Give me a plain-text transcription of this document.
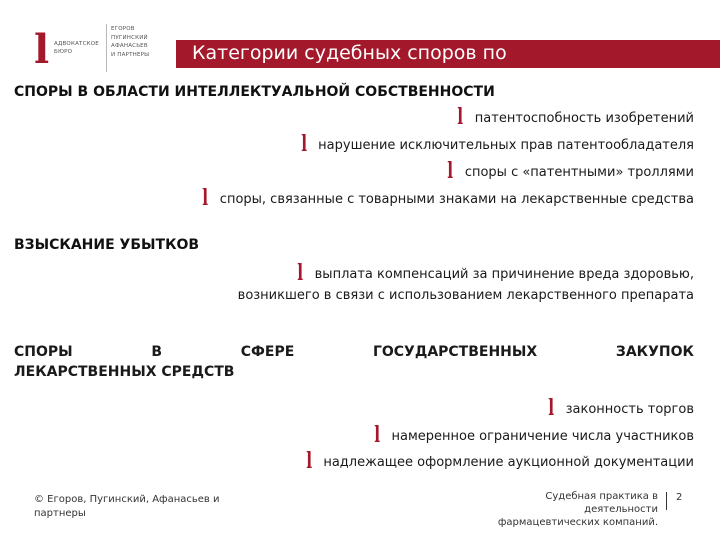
l АДВОКАТСКОЕ
БЮРО
ЕГОРОВ
ПУГИНСКИЙ
АФАНАСЬЕВ
И ПАРТНЕРЫ Категории судебных споров по
СПОРЫ В ОБЛАСТИ ИНТЕЛЛЕКТУАЛЬНОЙ СОБСТВЕННОСТИ
lпатентоспобность изобретений
lнарушение исключительных прав патентообладателя
lспоры с «патентными» троллями
lспоры, связанные с товарными знаками на лекарственные средства
ВЗЫСКАНИЕ УБЫТКОВ
lвыплата компенсаций за причинение вреда здоровью,
возникшего в связи с использованием лекарственного препарата
СПОРЫ	В	СФЕРЕ	ГОСУДАРСТВЕННЫХ	ЗАКУПОК
ЛЕКАРСТВЕННЫХ СРЕДСТВ
lзаконность торгов
lнамеренное ограничение числа участников
lнадлежащее оформление аукционной документации
© Егоров, Пугинский, Афанасьев и
партнеры
Судебная практика в
деятельности
фармацевтических компаний.
2
